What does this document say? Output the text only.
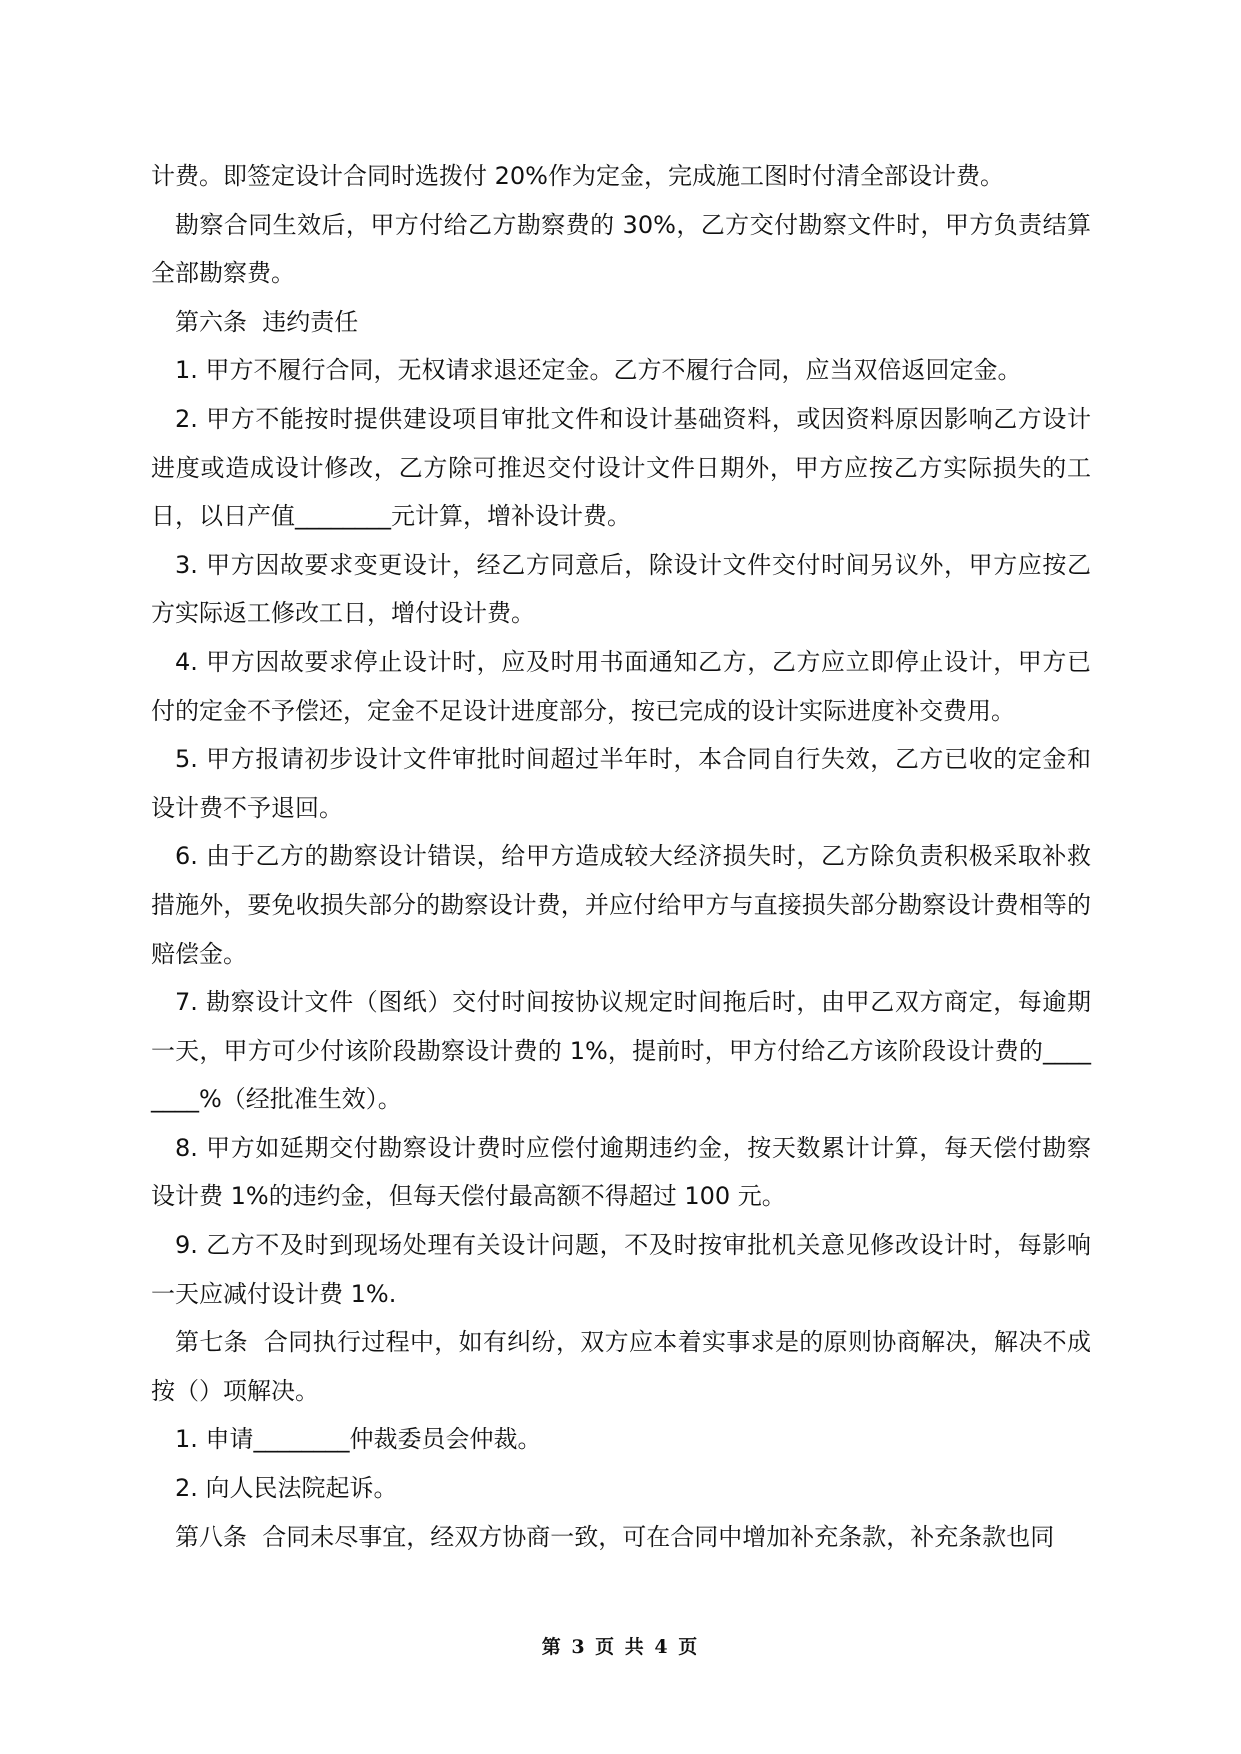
计费。即签定设计合同时选拨付 20%作为定金，完成施工图时付清全部设计费。

勘察合同生效后，甲方付给乙方勘察费的 30%，乙方交付勘察文件时，甲方负责结算全部勘察费。

第六条  违约责任

1. 甲方不履行合同，无权请求退还定金。乙方不履行合同，应当双倍返回定金。

2. 甲方不能按时提供建设项目审批文件和设计基础资料，或因资料原因影响乙方设计进度或造成设计修改，乙方除可推迟交付设计文件日期外，甲方应按乙方实际损失的工日，以日产值________元计算，增补设计费。

3. 甲方因故要求变更设计，经乙方同意后，除设计文件交付时间另议外，甲方应按乙方实际返工修改工日，增付设计费。

4. 甲方因故要求停止设计时，应及时用书面通知乙方，乙方应立即停止设计，甲方已付的定金不予偿还，定金不足设计进度部分，按已完成的设计实际进度补交费用。

5. 甲方报请初步设计文件审批时间超过半年时，本合同自行失效，乙方已收的定金和设计费不予退回。

6. 由于乙方的勘察设计错误，给甲方造成较大经济损失时，乙方除负责积极采取补救措施外，要免收损失部分的勘察设计费，并应付给甲方与直接损失部分勘察设计费相等的赔偿金。

7. 勘察设计文件（图纸）交付时间按协议规定时间拖后时，由甲乙双方商定，每逾期一天，甲方可少付该阶段勘察设计费的 1%，提前时，甲方付给乙方该阶段设计费的________%（经批准生效）。

8. 甲方如延期交付勘察设计费时应偿付逾期违约金，按天数累计计算，每天偿付勘察设计费 1%的违约金，但每天偿付最高额不得超过 100 元。

9. 乙方不及时到现场处理有关设计问题，不及时按审批机关意见修改设计时，每影响一天应减付设计费 1%.

第七条  合同执行过程中，如有纠纷，双方应本着实事求是的原则协商解决，解决不成按（）项解决。

1. 申请________仲裁委员会仲裁。

2. 向人民法院起诉。

第八条  合同未尽事宜，经双方协商一致，可在合同中增加补充条款，补充条款也同

第 3 页 共 4 页
